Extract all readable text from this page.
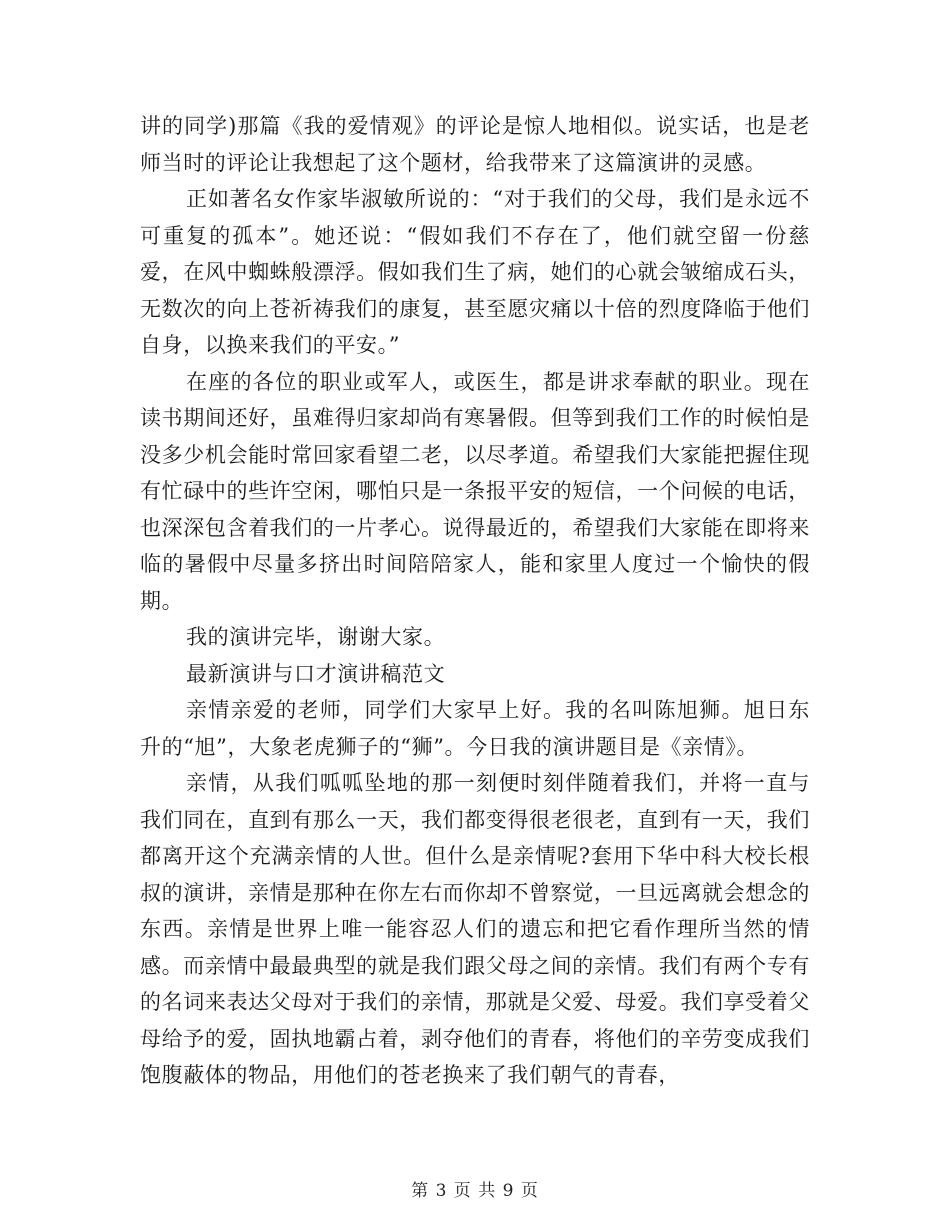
讲的同学)那篇《我的爱情观》的评论是惊人地相似。说实话，也是老师当时的评论让我想起了这个题材，给我带来了这篇演讲的灵感。

正如著名女作家毕淑敏所说的：“对于我们的父母，我们是永远不可重复的孤本”。她还说：“假如我们不存在了，他们就空留一份慈爱，在风中蜘蛛般漂浮。假如我们生了病，她们的心就会皱缩成石头，无数次的向上苍祈祷我们的康复，甚至愿灾痛以十倍的烈度降临于他们自身，以换来我们的平安。”

在座的各位的职业或军人，或医生，都是讲求奉献的职业。现在读书期间还好，虽难得归家却尚有寒暑假。但等到我们工作的时候怕是没多少机会能时常回家看望二老，以尽孝道。希望我们大家能把握住现有忙碌中的些许空闲，哪怕只是一条报平安的短信，一个问候的电话，也深深包含着我们的一片孝心。说得最近的，希望我们大家能在即将来临的暑假中尽量多挤出时间陪陪家人，能和家里人度过一个愉快的假期。

我的演讲完毕，谢谢大家。

最新演讲与口才演讲稿范文

亲情亲爱的老师，同学们大家早上好。我的名叫陈旭狮。旭日东升的“旭”，大象老虎狮子的“狮”。今日我的演讲题目是《亲情》。

亲情，从我们呱呱坠地的那一刻便时刻伴随着我们，并将一直与我们同在，直到有那么一天，我们都变得很老很老，直到有一天，我们都离开这个充满亲情的人世。但什么是亲情呢?套用下华中科大校长根叔的演讲，亲情是那种在你左右而你却不曾察觉，一旦远离就会想念的东西。亲情是世界上唯一能容忍人们的遗忘和把它看作理所当然的情感。而亲情中最最典型的就是我们跟父母之间的亲情。我们有两个专有的名词来表达父母对于我们的亲情，那就是父爱、母爱。我们享受着父母给予的爱，固执地霸占着，剥夺他们的青春，将他们的辛劳变成我们饱腹蔽体的物品，用他们的苍老换来了我们朝气的青春，

第 3 页 共 9 页
